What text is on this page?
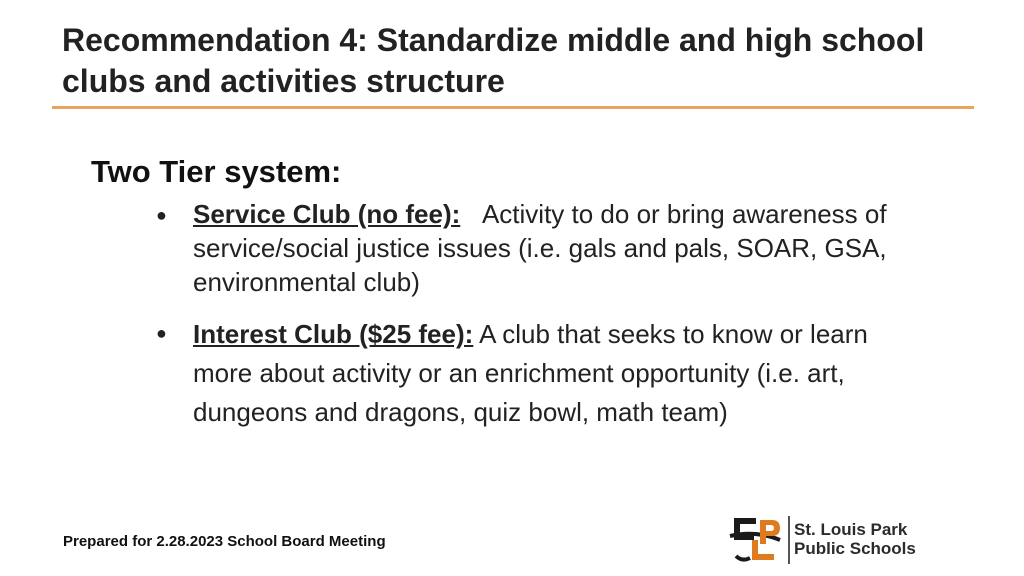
Recommendation 4: Standardize middle and high school clubs and activities structure
Two Tier system:
● Service Club (no fee): Activity to do or bring awareness of service/social justice issues (i.e. gals and pals, SOAR, GSA, environmental club)
● Interest Club ($25 fee): A club that seeks to know or learn more about activity or an enrichment opportunity (i.e. art, dungeons and dragons, quiz bowl, math team)
Prepared for 2.28.2023 School Board Meeting
St. Louis Park
Public Schools
